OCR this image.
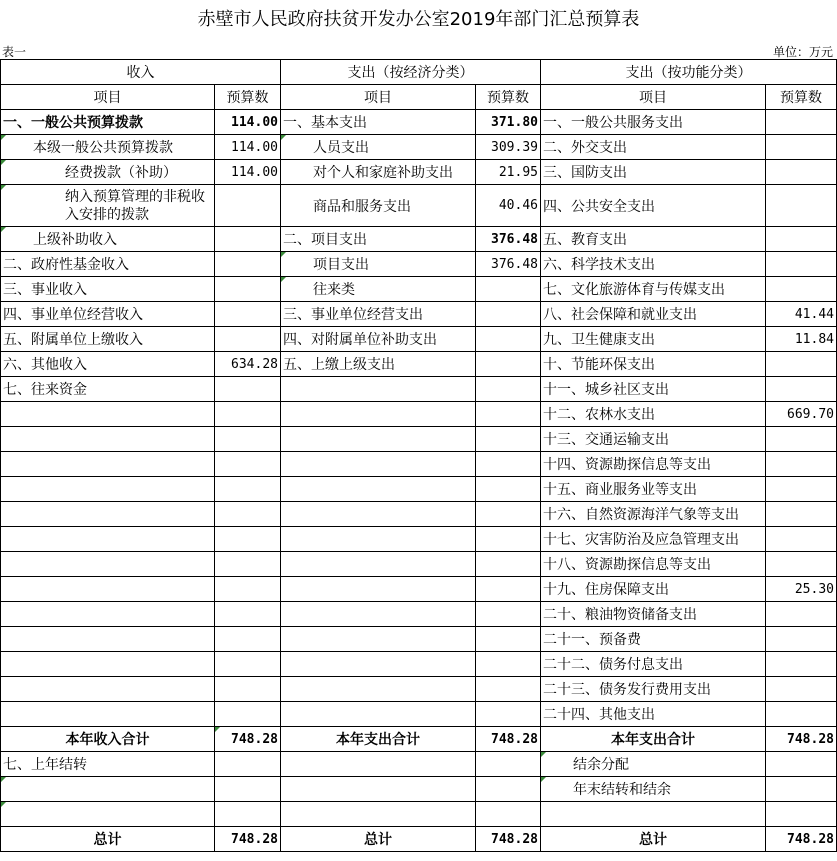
赤壁市人民政府扶贫开发办公室2019年部门汇总预算表
表一	单位：万元
收入		支出（按经济分类）		支出（按功能分类）	
项目	预算数	项目	预算数	项目	预算数
一、一般公共预算拨款	114.00	一、基本支出	371.80	一、一般公共服务支出	
本级一般公共预算拨款	114.00	人员支出	309.39	二、外交支出	
经费拨款（补助）	114.00	对个人和家庭补助支出	21.95	三、国防支出	
纳入预算管理的非税收入安排的拨款		商品和服务支出	40.46	四、公共安全支出	
上级补助收入		二、项目支出	376.48	五、教育支出	
二、政府性基金收入		项目支出	376.48	六、科学技术支出	
三、事业收入		往来类		七、文化旅游体育与传媒支出	
四、事业单位经营收入		三、事业单位经营支出		八、社会保障和就业支出	41.44
五、附属单位上缴收入		四、对附属单位补助支出		九、卫生健康支出	11.84
六、其他收入	634.28	五、上缴上级支出		十、节能环保支出	
七、往来资金				十一、城乡社区支出	
				十二、农林水支出	669.70
				十三、交通运输支出	
				十四、资源勘探信息等支出	
				十五、商业服务业等支出	
				十六、自然资源海洋气象等支出	
				十七、灾害防治及应急管理支出	
				十八、资源勘探信息等支出	
				十九、住房保障支出	25.30
				二十、粮油物资储备支出	
				二十一、预备费	
				二十二、债务付息支出	
				二十三、债务发行费用支出	
				二十四、其他支出	
本年收入合计	748.28	本年支出合计	748.28	本年支出合计	748.28
七、上年结转				结余分配	
				年末结转和结余	

总计	748.28	总计	748.28	总计	748.28
